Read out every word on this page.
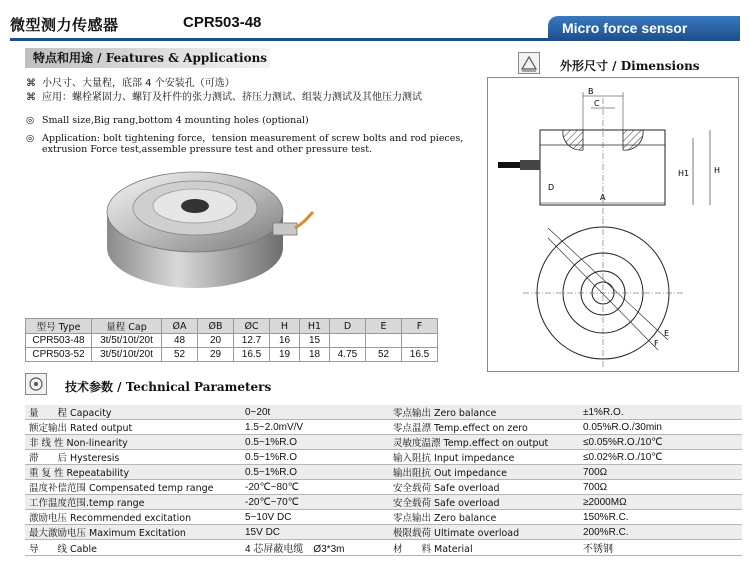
微型测力传感器	CPR503-48	Micro force sensor
特点和用途 / Features & Applications
⌘ 小尺寸、大量程，底部 4 个安装孔（可选）
⌘ 应用：螺栓紧固力、螺钉及杆件的张力测试、挤压力测试、组装力测试及其他压力测试
◎ Small size,Big rang,bottom 4 mounting holes (optional)
◎ Application: bolt tightening force，tension measurement of screw bolts and rod pieces,
extrusion Force test,assemble pressure test and other pressure test.
外形尺寸 / Dimensions
B
C
A
H1	H
D
E
F
型号 Type	量程 Cap	ØA	ØB	ØC	H	H1	D	E	F
CPR503-48	3t/5t/10t/20t	48	20	12.7	16	15			
CPR503-52	3t/5t/10t/20t	52	29	16.5	19	18	4.75	52	16.5
技术参数 / Technical Parameters
量　　程 Capacity	0~20t	零点输出 Zero balance	±1%R.O.
额定输出 Rated output	1.5~2.0mV/V	零点温漂 Temp.effect on zero	0.05%R.O./30min
非 线 性 Non-linearity	0.5~1%R.O	灵敏度温漂 Temp.effect on output	≤0.05%R.O./10℃
滞　　后 Hysteresis	0.5~1%R.O	输入阻抗 Input impedance	≤0.02%R.O./10℃
重 复 性 Repeatability	0.5~1%R.O	输出阻抗 Out impedance	700Ω
温度补偿范围 Compensated temp range	-20℃~80℃	安全载荷 Safe overload	700Ω
工作温度范围.temp range	-20℃~70℃	安全载荷 Safe overload	≥2000MΩ
激励电压 Recommended excitation	5~10V DC	零点输出 Zero balance	150%R.C.
最大激励电压 Maximum Excitation	15V DC	极限载荷 Ultimate overload	200%R.C.
导　　线 Cable	4 芯屏蔽电缆　Ø3*3m	材　　料 Material	不锈钢
